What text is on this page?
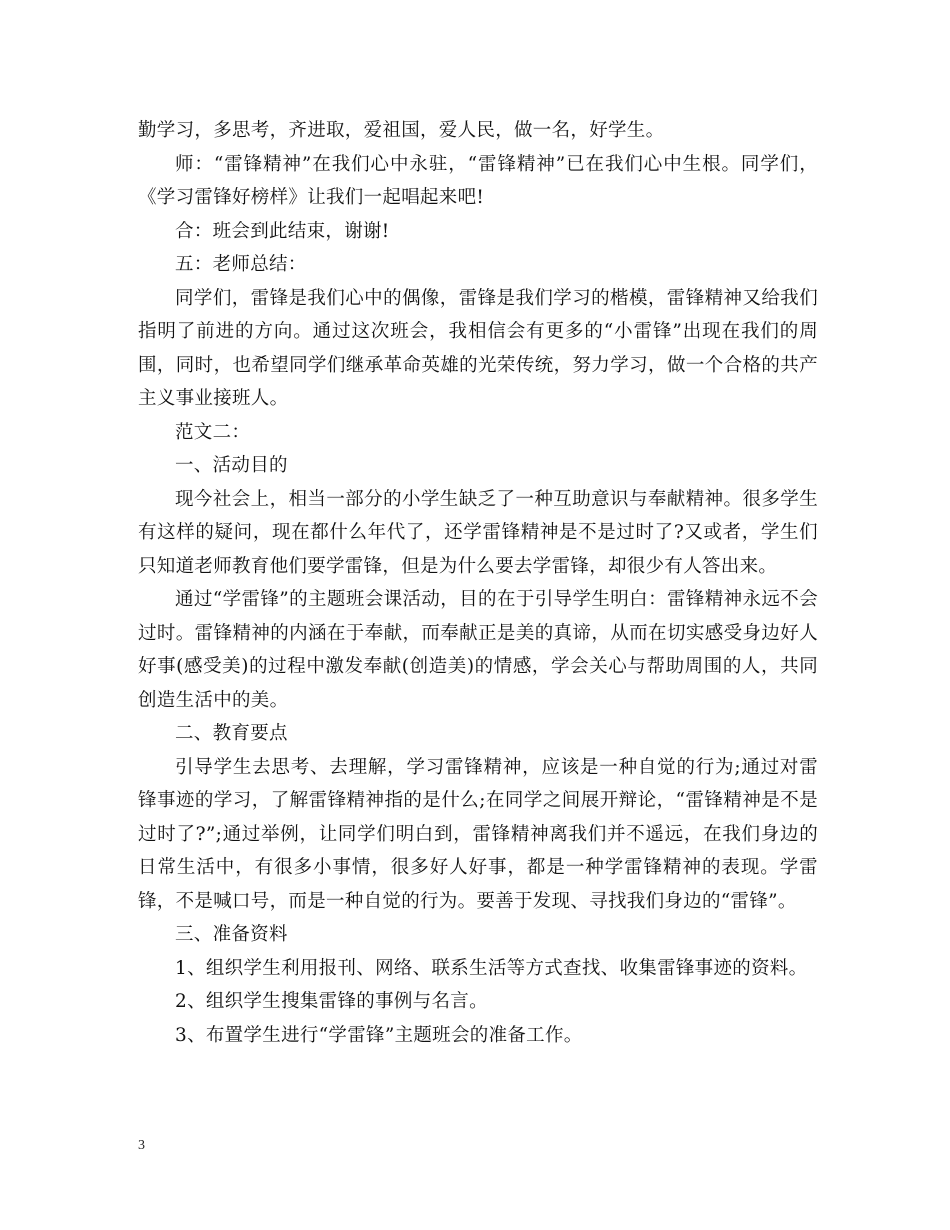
勤学习，多思考，齐进取，爱祖国，爱人民，做一名，好学生。

师：“雷锋精神”在我们心中永驻，“雷锋精神”已在我们心中生根。同学们，《学习雷锋好榜样》让我们一起唱起来吧!

合：班会到此结束，谢谢!

五：老师总结：

同学们，雷锋是我们心中的偶像，雷锋是我们学习的楷模，雷锋精神又给我们指明了前进的方向。通过这次班会，我相信会有更多的“小雷锋”出现在我们的周围，同时，也希望同学们继承革命英雄的光荣传统，努力学习，做一个合格的共产主义事业接班人。

范文二：

一、活动目的

现今社会上，相当一部分的小学生缺乏了一种互助意识与奉献精神。很多学生有这样的疑问，现在都什么年代了，还学雷锋精神是不是过时了?又或者，学生们只知道老师教育他们要学雷锋，但是为什么要去学雷锋，却很少有人答出来。

通过“学雷锋”的主题班会课活动，目的在于引导学生明白：雷锋精神永远不会过时。雷锋精神的内涵在于奉献，而奉献正是美的真谛，从而在切实感受身边好人好事(感受美)的过程中激发奉献(创造美)的情感，学会关心与帮助周围的人，共同创造生活中的美。

二、教育要点

引导学生去思考、去理解，学习雷锋精神，应该是一种自觉的行为;通过对雷锋事迹的学习，了解雷锋精神指的是什么;在同学之间展开辩论，“雷锋精神是不是过时了?”;通过举例，让同学们明白到，雷锋精神离我们并不遥远，在我们身边的日常生活中，有很多小事情，很多好人好事，都是一种学雷锋精神的表现。学雷锋，不是喊口号，而是一种自觉的行为。要善于发现、寻找我们身边的“雷锋”。

三、准备资料

1、组织学生利用报刊、网络、联系生活等方式查找、收集雷锋事迹的资料。

2、组织学生搜集雷锋的事例与名言。

3、布置学生进行“学雷锋”主题班会的准备工作。

3
